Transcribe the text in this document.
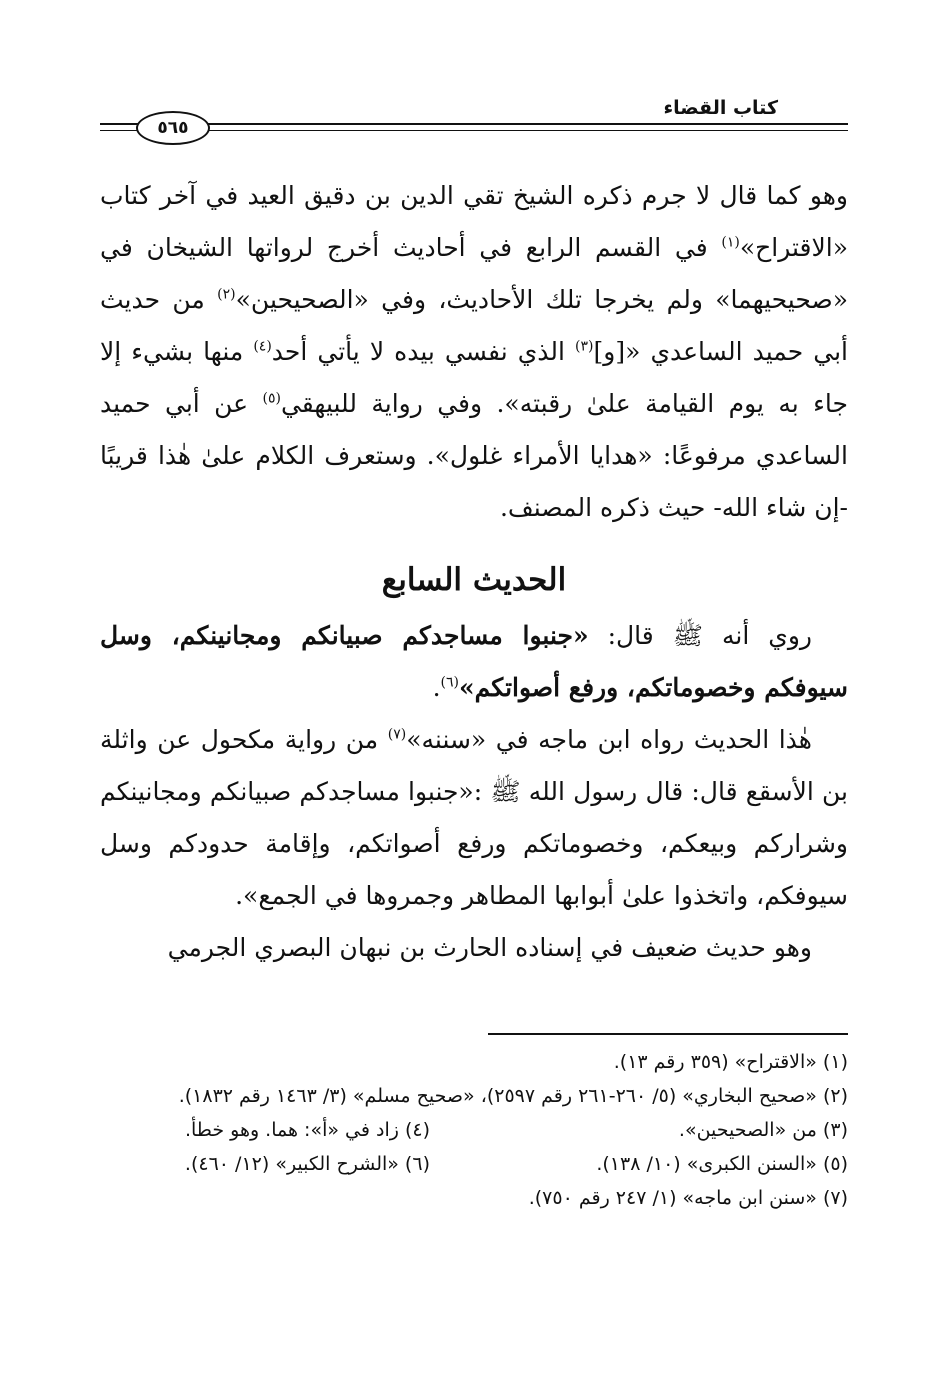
كتاب القضاء
٥٦٥

وهو كما قال لا جرم ذكره الشيخ تقي الدين بن دقيق العيد في آخر كتاب «الاقتراح»$^{(١)}$ في القسم الرابع في أحاديث أخرج لرواتها الشيخان في «صحيحيهما» ولم يخرجا تلك الأحاديث، وفي «الصحيحين»$^{(٢)}$ من حديث أبي حميد الساعدي «[و]$^{(٣)}$ الذي نفسي بيده لا يأتي أحد$^{(٤)}$ منها بشيء إلا جاء به يوم القيامة علىٰ رقبته». وفي رواية للبيهقي$^{(٥)}$ عن أبي حميد الساعدي مرفوعًا: «هدايا الأمراء غلول». وستعرف الكلام علىٰ هٰذا قريبًا -إن شاء الله- حيث ذكره المصنف.

الحديث السابع

روي أنه ﷺ قال: «جنبوا مساجدكم صبيانكم ومجانينكم، وسل سيوفكم وخصوماتكم، ورفع أصواتكم»$^{(٦)}$.

هٰذا الحديث رواه ابن ماجه في «سننه»$^{(٧)}$ من رواية مكحول عن واثلة بن الأسقع قال: قال رسول الله ﷺ :«جنبوا مساجدكم صبيانكم ومجانينكم وشراركم وبيعكم، وخصوماتكم ورفع أصواتكم، وإقامة حدودكم وسل سيوفكم، واتخذوا علىٰ أبوابها المطاهر وجمروها في الجمع».

وهو حديث ضعيف في إسناده الحارث بن نبهان البصري الجرمي

(١) «الاقتراح» (٣٥٩ رقم ١٣).

(٢) «صحيح البخاري» (٥/ ٢٦٠-٢٦١ رقم ٢٥٩٧)، «صحيح مسلم» (٣/ ١٤٦٣ رقم ١٨٣٢).

(٣) من «الصحيحين».

(٤) زاد في «أ»: هما. وهو خطأ.

(٥) «السنن الكبرى» (١٠/ ١٣٨).

(٦) «الشرح الكبير» (١٢/ ٤٦٠).

(٧) «سنن ابن ماجه» (١/ ٢٤٧ رقم ٧٥٠).
